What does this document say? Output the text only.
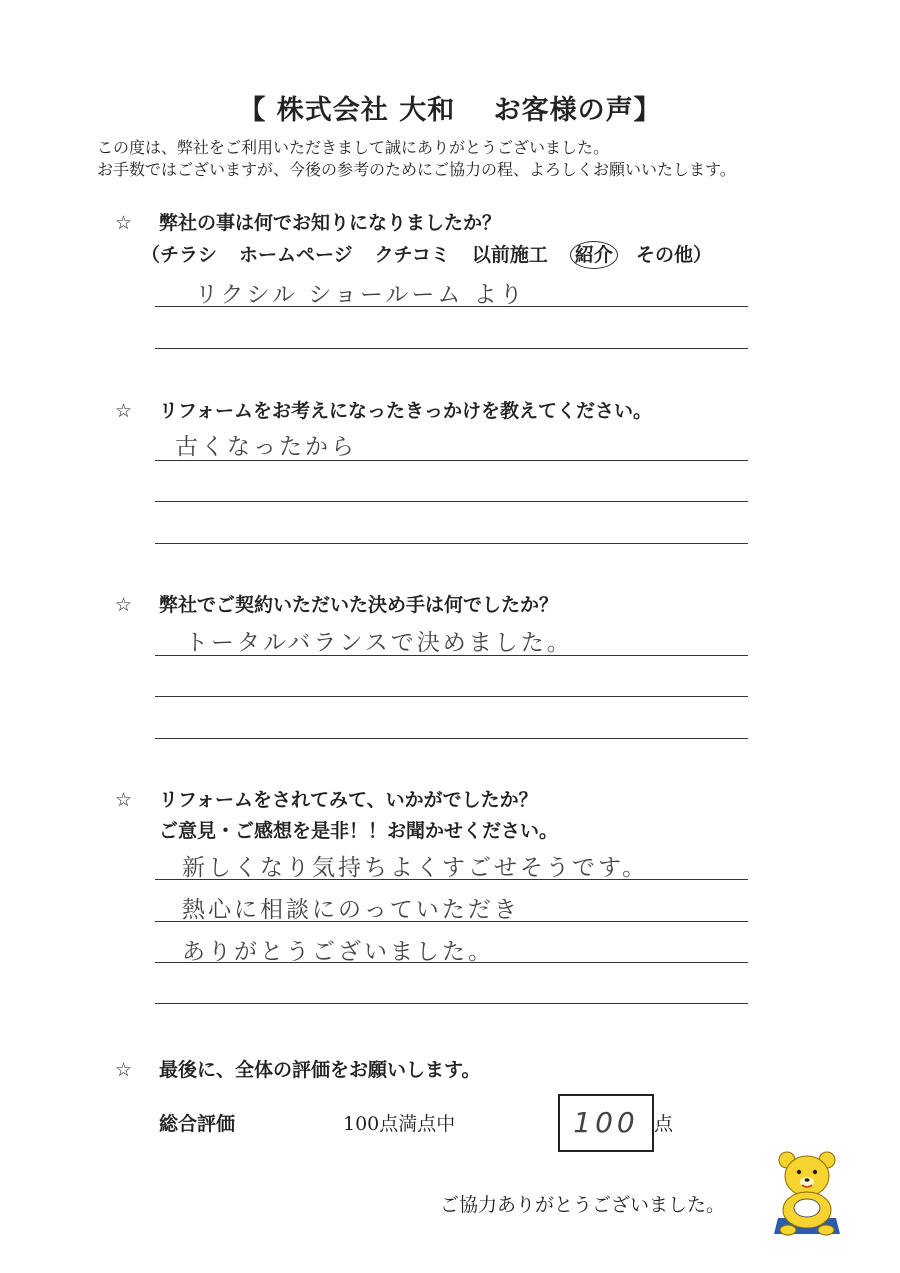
【 株式会社 大和　 お客様の声】
この度は、弊社をご利用いただきまして誠にありがとうございました。
お手数ではございますが、今後の参考のためにご協力の程、よろしくお願いいたします。
☆ 弊社の事は何でお知りになりましたか？
（チラシ ホームページ クチコミ 以前施工 紹介 その他）
リクシル ショールーム より
☆ リフォームをお考えになったきっかけを教えてください。
古くなったから
☆ 弊社でご契約いただいた決め手は何でしたか？
トータルバランスで決めました。
☆ リフォームをされてみて、いかがでしたか？
ご意見・ご感想を是非！！お聞かせください。
新しくなり気持ちよくすごせそうです。
熱心に相談にのっていただき
ありがとうございました。
☆ 最後に、全体の評価をお願いします。
総合評価	100点満点中	100 点
ご協力ありがとうございました。
